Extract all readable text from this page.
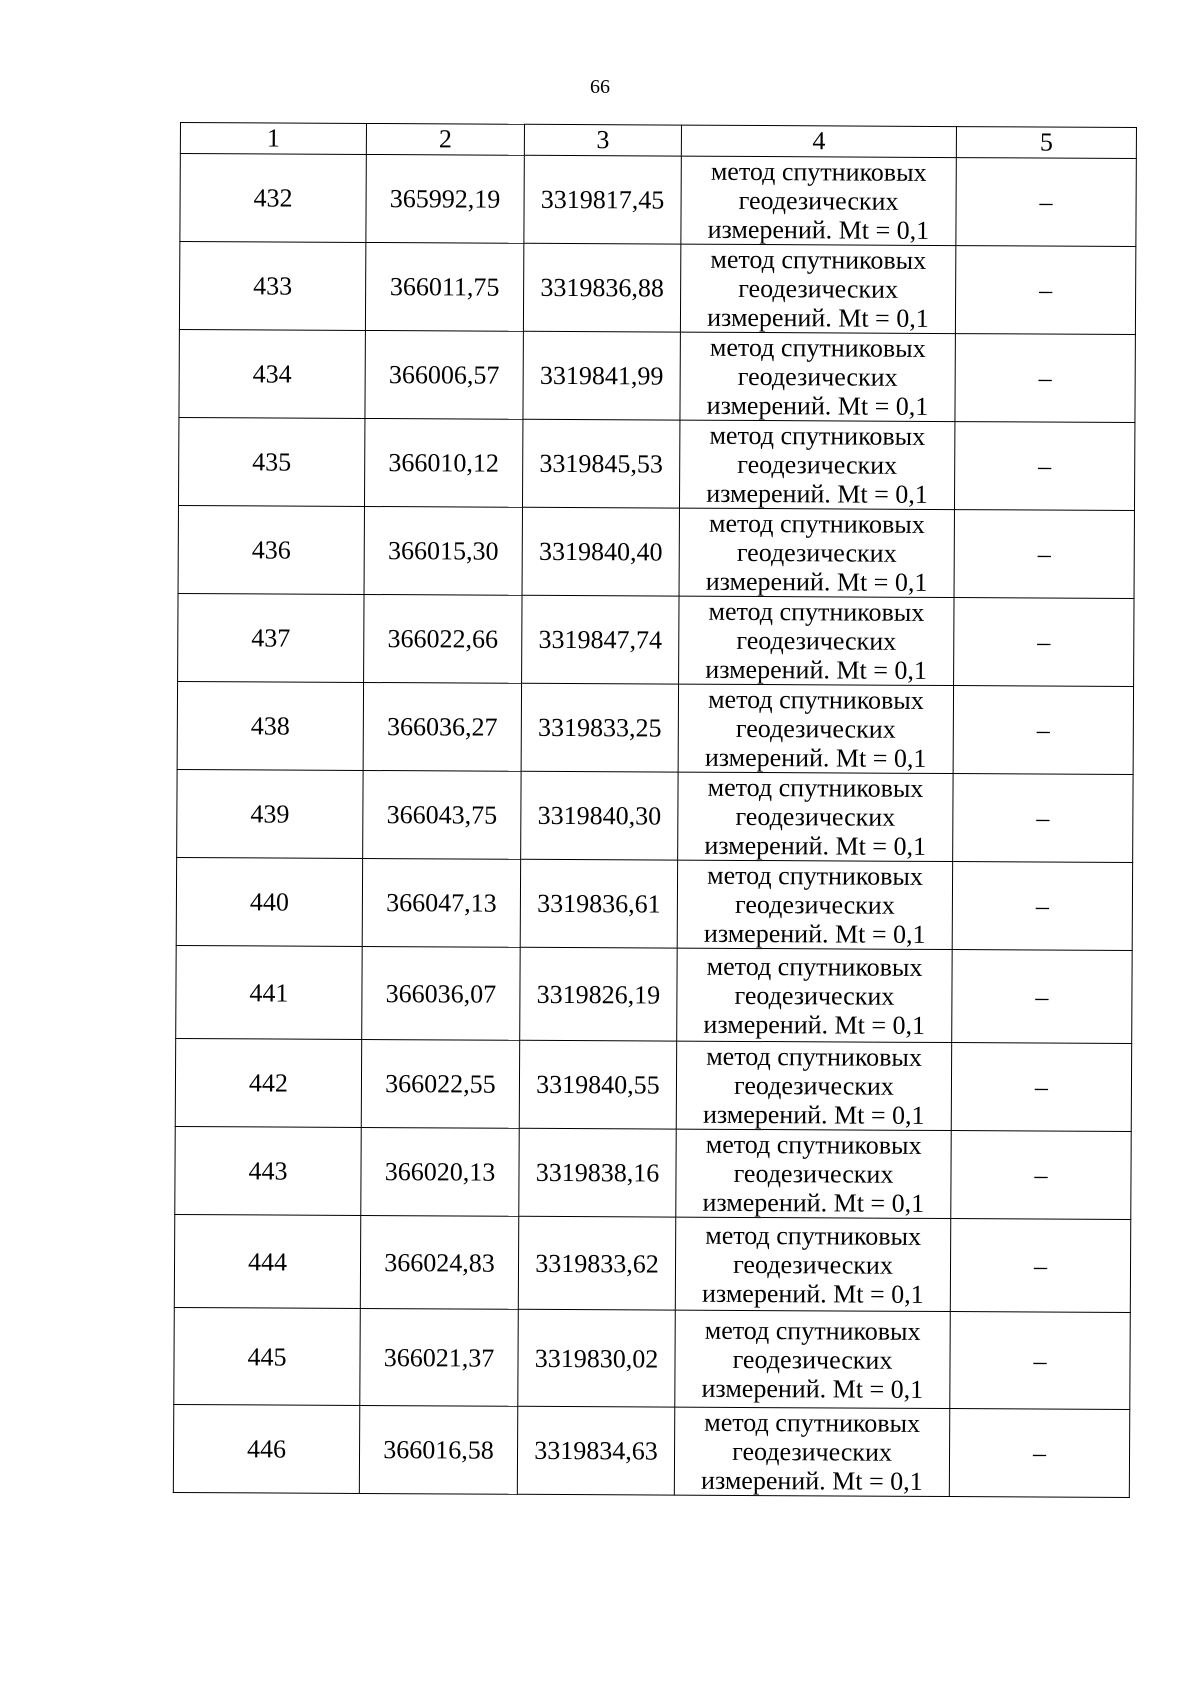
66
1	2	3	4	5
432	365992,19	3319817,45	метод спутниковых
геодезических
измерений. Mt = 0,1	–
433	366011,75	3319836,88	метод спутниковых
геодезических
измерений. Mt = 0,1	–
434	366006,57	3319841,99	метод спутниковых
геодезических
измерений. Mt = 0,1	–
435	366010,12	3319845,53	метод спутниковых
геодезических
измерений. Mt = 0,1	–
436	366015,30	3319840,40	метод спутниковых
геодезических
измерений. Mt = 0,1	–
437	366022,66	3319847,74	метод спутниковых
геодезических
измерений. Mt = 0,1	–
438	366036,27	3319833,25	метод спутниковых
геодезических
измерений. Mt = 0,1	–
439	366043,75	3319840,30	метод спутниковых
геодезических
измерений. Mt = 0,1	–
440	366047,13	3319836,61	метод спутниковых
геодезических
измерений. Mt = 0,1	–
441	366036,07	3319826,19	метод спутниковых
геодезических
измерений. Mt = 0,1	–
442	366022,55	3319840,55	метод спутниковых
геодезических
измерений. Mt = 0,1	–
443	366020,13	3319838,16	метод спутниковых
геодезических
измерений. Mt = 0,1	–
444	366024,83	3319833,62	метод спутниковых
геодезических
измерений. Mt = 0,1	–
445	366021,37	3319830,02	метод спутниковых
геодезических
измерений. Mt = 0,1	–
446	366016,58	3319834,63	метод спутниковых
геодезических
измерений. Mt = 0,1	–
